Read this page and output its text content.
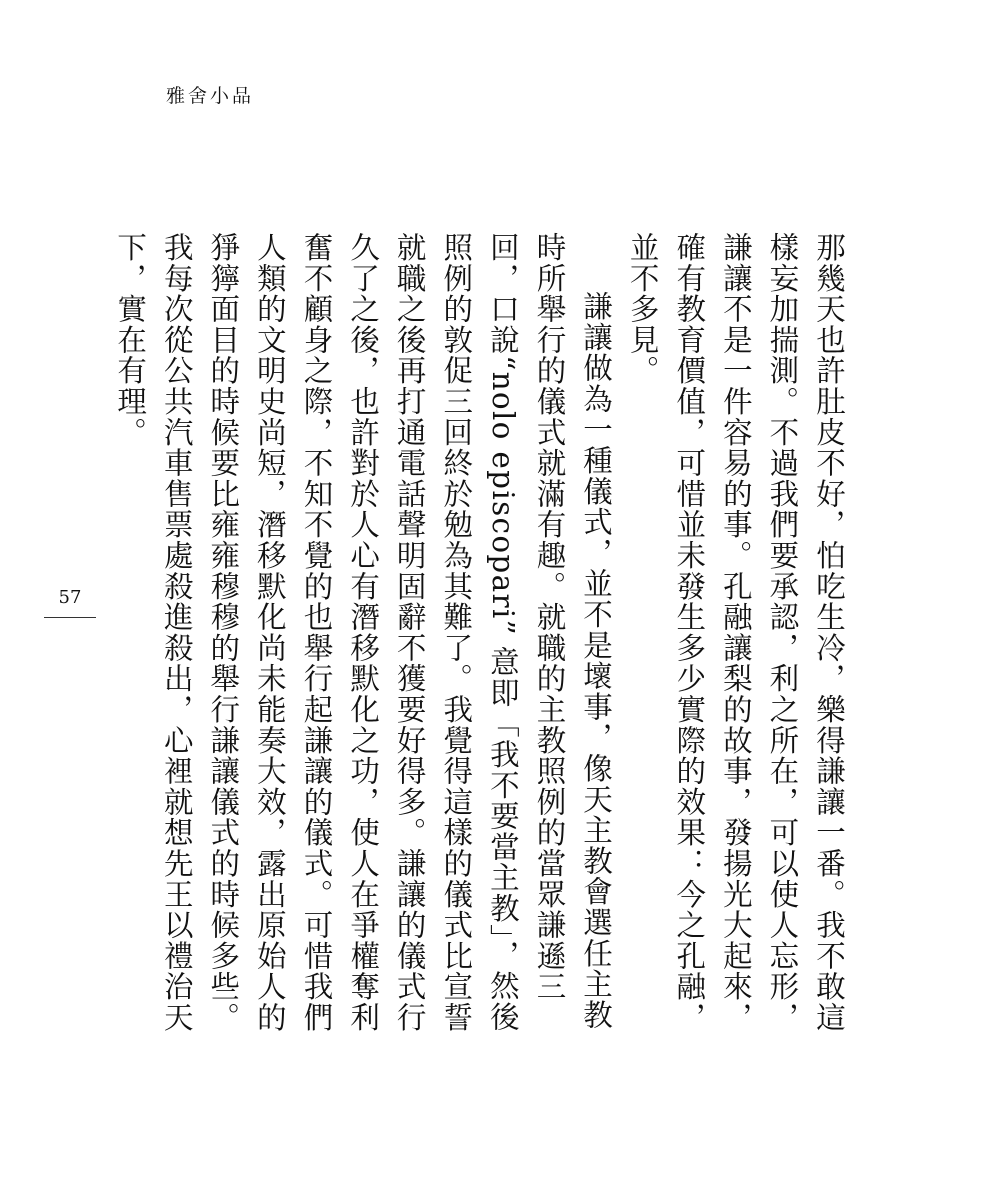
雅舍小品
57	那幾天也許肚皮不好，怕吃生冷，樂得謙讓一番。我不敢這樣妄加揣測。不過我們要承認，利之所在，可以使人忘形，謙讓不是一件容易的事。孔融讓梨的故事，發揚光大起來，確有教育價值，可惜並未發生多少實際的效果：今之孔融，並不多見。

謙讓做為一種儀式，並不是壞事，像天主教會選任主教時所舉行的儀式就滿有趣。就職的主教照例的當眾謙遜三回，口說“nolo episcopari” 意即「我不要當主教」，然後照例的敦促三回終於勉為其難了。我覺得這樣的儀式比宣誓就職之後再打通電話聲明固辭不獲要好得多。謙讓的儀式行久了之後，也許對於人心有潛移默化之功，使人在爭權奪利奮不顧身之際，不知不覺的也舉行起謙讓的儀式。可惜我們人類的文明史尚短，潛移默化尚未能奏大效，露出原始人的猙獰面目的時候要比雍雍穆穆的舉行謙讓儀式的時候多些。我每次從公共汽車售票處殺進殺出，心裡就想先王以禮治天下，實在有理。
